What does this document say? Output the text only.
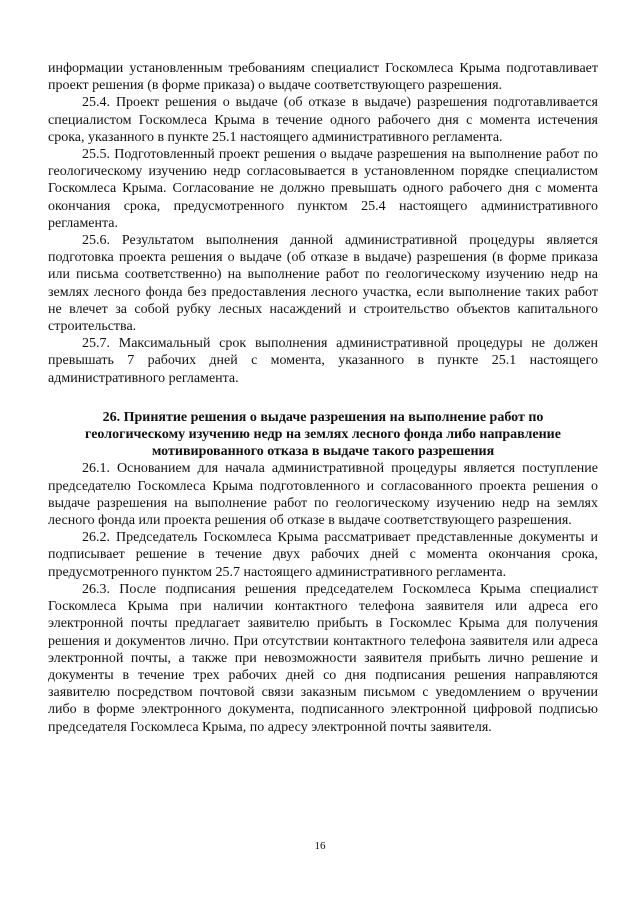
информации установленным требованиям специалист Госкомлеса Крыма подготавливает проект решения (в форме приказа) о выдаче соответствующего разрешения.

25.4. Проект решения о выдаче (об отказе в выдаче) разрешения подготавливается специалистом Госкомлеса Крыма в течение одного рабочего дня с момента истечения срока, указанного в пункте 25.1 настоящего административного регламента.

25.5. Подготовленный проект решения о выдаче разрешения на выполнение работ по геологическому изучению недр согласовывается в установленном порядке специалистом Госкомлеса Крыма. Согласование не должно превышать одного рабочего дня с момента окончания срока, предусмотренного пунктом 25.4 настоящего административного регламента.

25.6. Результатом выполнения данной административной процедуры является подготовка проекта решения о выдаче (об отказе в выдаче) разрешения (в форме приказа или письма соответственно) на выполнение работ по геологическому изучению недр на землях лесного фонда без предоставления лесного участка, если выполнение таких работ не влечет за собой рубку лесных насаждений и строительство объектов капитального строительства.

25.7. Максимальный срок выполнения административной процедуры не должен превышать 7 рабочих дней с момента, указанного в пункте 25.1 настоящего административного регламента.

26. Принятие решения о выдаче разрешения на выполнение работ по геологическому изучению недр на землях лесного фонда либо направление мотивированного отказа в выдаче такого разрешения

26.1. Основанием для начала административной процедуры является поступление председателю Госкомлеса Крыма подготовленного и согласованного проекта решения о выдаче разрешения на выполнение работ по геологическому изучению недр на землях лесного фонда или проекта решения об отказе в выдаче соответствующего разрешения.

26.2. Председатель Госкомлеса Крыма рассматривает представленные документы и подписывает решение в течение двух рабочих дней с момента окончания срока, предусмотренного пунктом 25.7 настоящего административного регламента.

26.3. После подписания решения председателем Госкомлеса Крыма специалист Госкомлеса Крыма при наличии контактного телефона заявителя или адреса его электронной почты предлагает заявителю прибыть в Госкомлес Крыма для получения решения и документов лично. При отсутствии контактного телефона заявителя или адреса электронной почты, а также при невозможности заявителя прибыть лично решение и документы в течение трех рабочих дней со дня подписания решения направляются заявителю посредством почтовой связи заказным письмом с уведомлением о вручении либо в форме электронного документа, подписанного электронной цифровой подписью председателя Госкомлеса Крыма, по адресу электронной почты заявителя.

16
